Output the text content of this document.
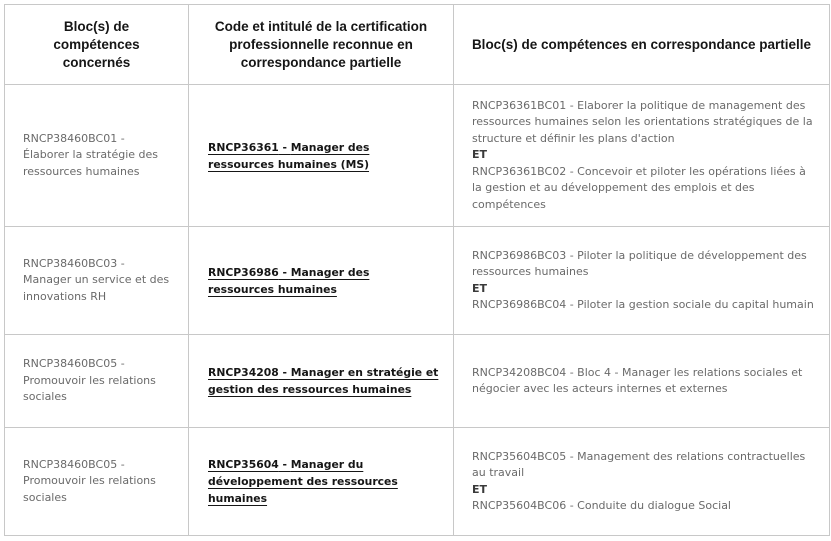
Bloc(s) de compétences concernés	Code et intitulé de la certification professionnelle reconnue en correspondance partielle	Bloc(s) de compétences en correspondance partielle
RNCP38460BC01 - Élaborer la stratégie des ressources humaines	RNCP36361 - Manager des ressources humaines (MS)	RNCP36361BC01 - Elaborer la politique de management des ressources humaines selon les orientations stratégiques de la structure et définir les plans d'action
ET
RNCP36361BC02 - Concevoir et piloter les opérations liées à la gestion et au développement des emplois et des compétences

RNCP38460BC03 - Manager un service et des innovations RH	RNCP36986 - Manager des ressources humaines	RNCP36986BC03 - Piloter la politique de développement des ressources humaines
ET
RNCP36986BC04 - Piloter la gestion sociale du capital humain

RNCP38460BC05 - Promouvoir les relations sociales	RNCP34208 - Manager en stratégie et gestion des ressources humaines	RNCP34208BC04 - Bloc 4 - Manager les relations sociales et négocier avec les acteurs internes et externes

RNCP38460BC05 - Promouvoir les relations sociales	RNCP35604 - Manager du développement des ressources humaines	RNCP35604BC05 - Management des relations contractuelles au travail
ET
RNCP35604BC06 - Conduite du dialogue Social
